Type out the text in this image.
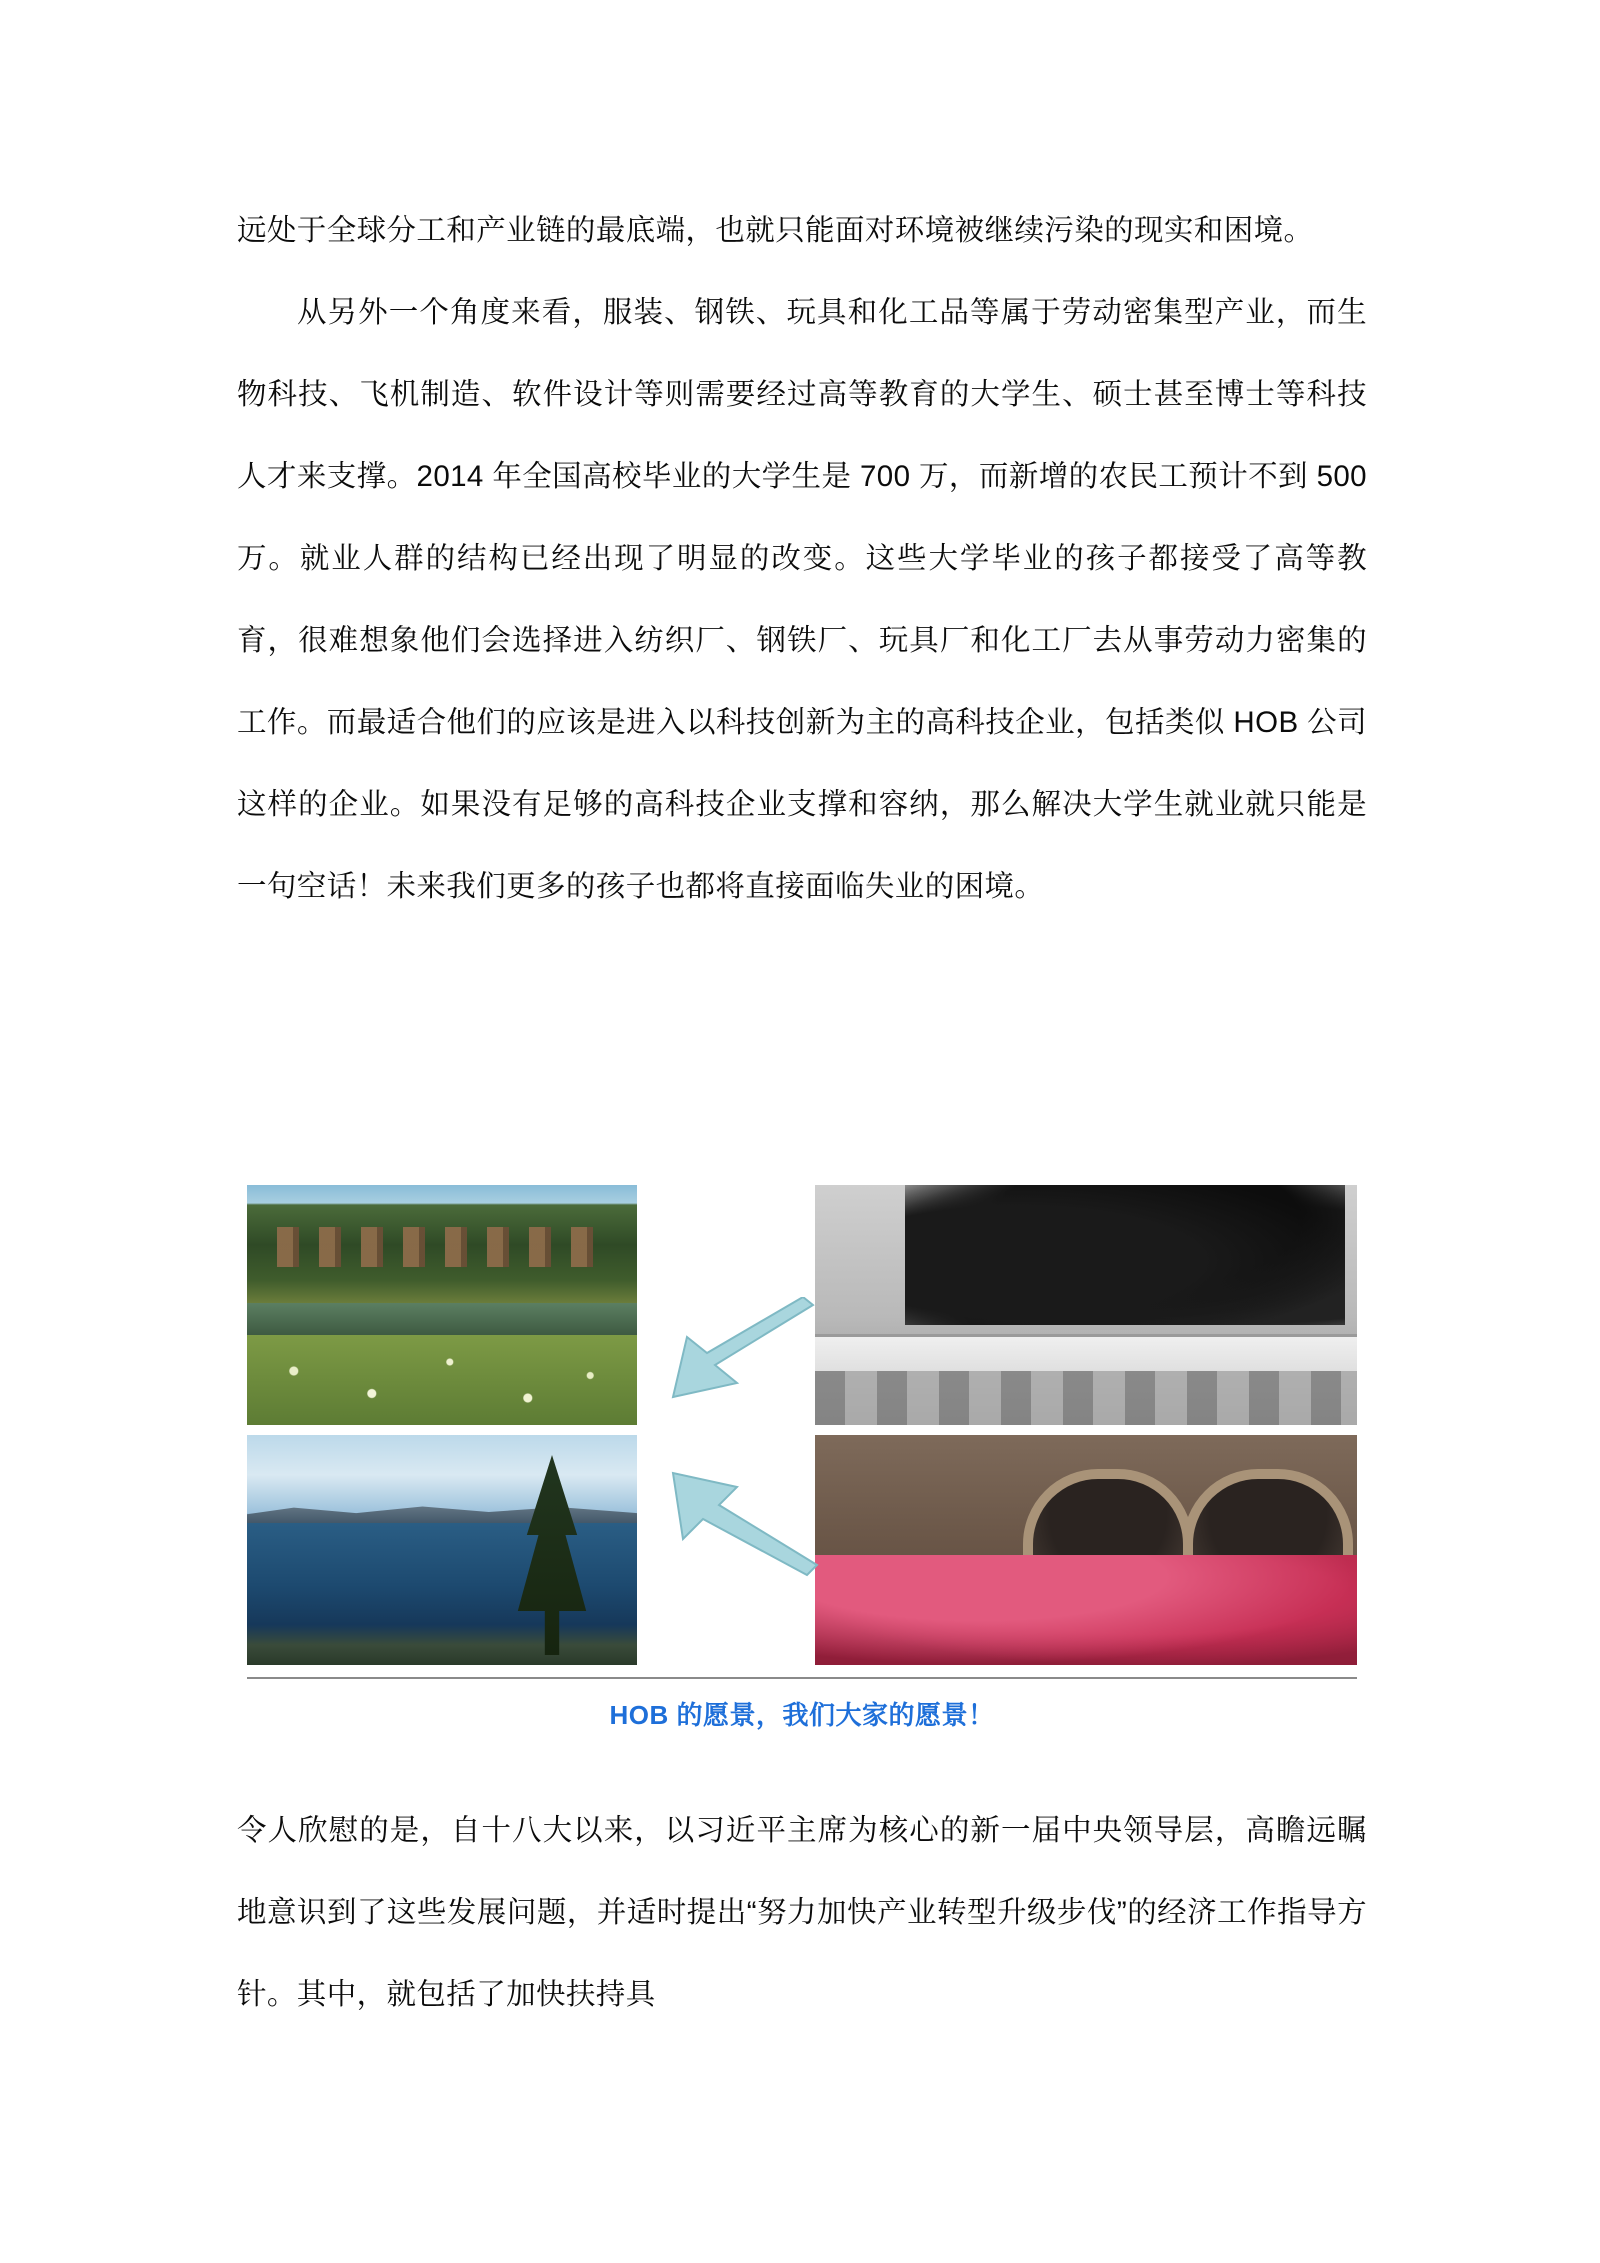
远处于全球分工和产业链的最底端，也就只能面对环境被继续污染的现实和困境。

从另外一个角度来看，服装、钢铁、玩具和化工品等属于劳动密集型产业，而生物科技、飞机制造、软件设计等则需要经过高等教育的大学生、硕士甚至博士等科技人才来支撑。2014 年全国高校毕业的大学生是 700 万，而新增的农民工预计不到 500 万。就业人群的结构已经出现了明显的改变。这些大学毕业的孩子都接受了高等教育，很难想象他们会选择进入纺织厂、钢铁厂、玩具厂和化工厂去从事劳动力密集的工作。而最适合他们的应该是进入以科技创新为主的高科技企业，包括类似 HOB 公司这样的企业。如果没有足够的高科技企业支撑和容纳，那么解决大学生就业就只能是一句空话！未来我们更多的孩子也都将直接面临失业的困境。

HOB 的愿景，我们大家的愿景！

令人欣慰的是，自十八大以来，以习近平主席为核心的新一届中央领导层，高瞻远瞩地意识到了这些发展问题，并适时提出“努力加快产业转型升级步伐”的经济工作指导方针。其中，就包括了加快扶持具
